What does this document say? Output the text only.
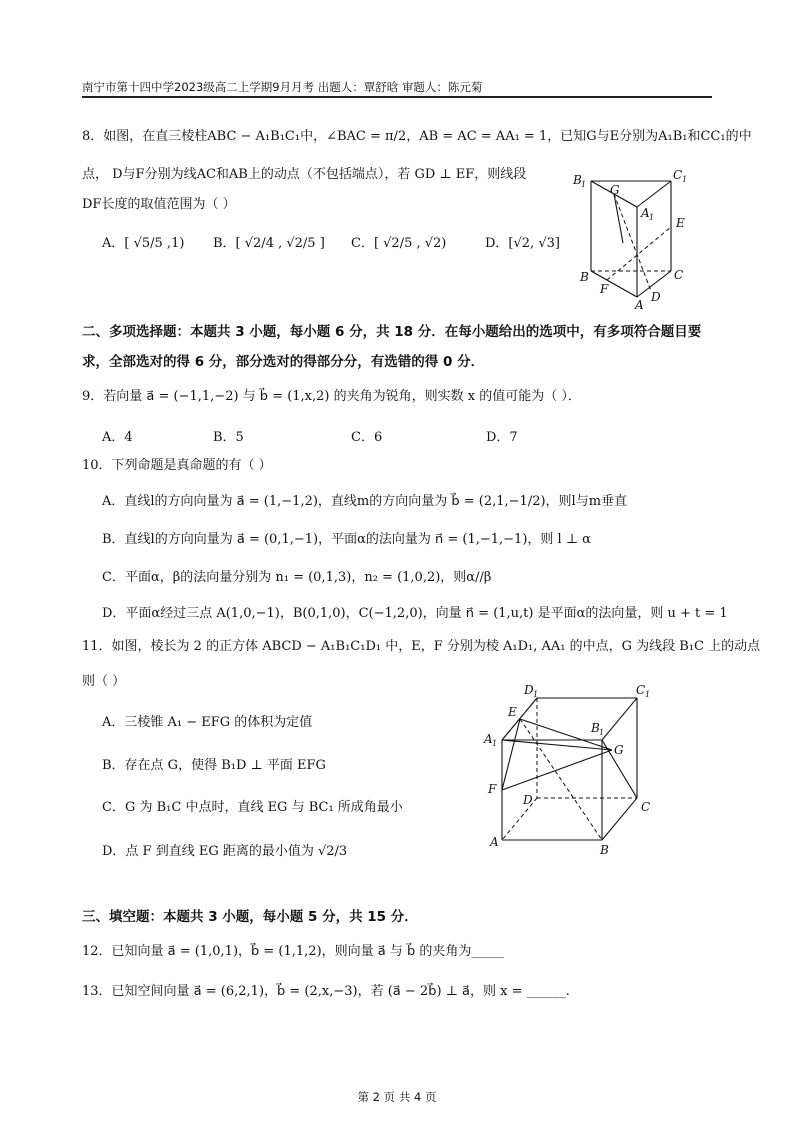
南宁市第十四中学2023级高二上学期9月月考 出题人：覃舒晗 审题人：陈元菊
8．如图，在直三棱柱ABC − A₁B₁C₁中，∠BAC = π/2，AB = AC = AA₁ = 1，已知G与E分别为A₁B₁和CC₁的中
点， D与F分别为线AC和AB上的动点（不包括端点），若 GD ⊥ EF，则线段
DF长度的取值范围为（ ）
A．[ √5/5 ,1) B．[ √2/4 , √2/5 ] C．[ √2/5 , √2)	D．[√2, √3]
B 1 G
C 1
A 1 E
B	C
F
D
A
二、多项选择题：本题共 3 小题，每小题 6 分，共 18 分．在每小题给出的选项中，有多项符合题目要
求，全部选对的得 6 分，部分选对的得部分分，有选错的得 0 分．
9．若向量 a⃗ = (−1,1,−2) 与 b⃗ = (1,x,2) 的夹角为锐角，则实数 x 的值可能为（ ）．
A．4	B．5	C．6	D．7
10．下列命题是真命题的有（ ）
A．直线l的方向向量为 a⃗ = (1,−1,2)，直线m的方向向量为 b⃗ = (2,1,−1/2)，则l与m垂直
B．直线l的方向向量为 a⃗ = (0,1,−1)，平面α的法向量为 n⃗ = (1,−1,−1)，则 l ⊥ α
C．平面α，β的法向量分别为 n₁ = (0,1,3)，n₂ = (1,0,2)，则α//β
D．平面α经过三点 A(1,0,−1)，B(0,1,0)，C(−1,2,0)，向量 n⃗ = (1,u,t) 是平面α的法向量，则 u + t = 1
11．如图，棱长为 2 的正方体 ABCD − A₁B₁C₁D₁ 中，E，F 分别为棱 A₁D₁, AA₁ 的中点，G 为线段 B₁C 上的动点
则（ ）
A．三棱锥 A₁ − EFG 的体积为定值
B．存在点 G，使得 B₁D ⊥ 平面 EFG
C．G 为 B₁C 中点时，直线 EG 与 BC₁ 所成角最小
D．点 F 到直线 EG 距离的最小值为 √2/3
D 1	C 1
E
A 1
B 1
G
F
D	C
A
B
三、填空题：本题共 3 小题，每小题 5 分，共 15 分．
12．已知向量 a⃗ = (1,0,1)，b⃗ = (1,1,2)，则向量 a⃗ 与 b⃗ 的夹角为_____
13．已知空间向量 a⃗ = (6,2,1)，b⃗ = (2,x,−3)，若 (a⃗ − 2b⃗) ⊥ a⃗，则 x = ______.
第 2 页 共 4 页
